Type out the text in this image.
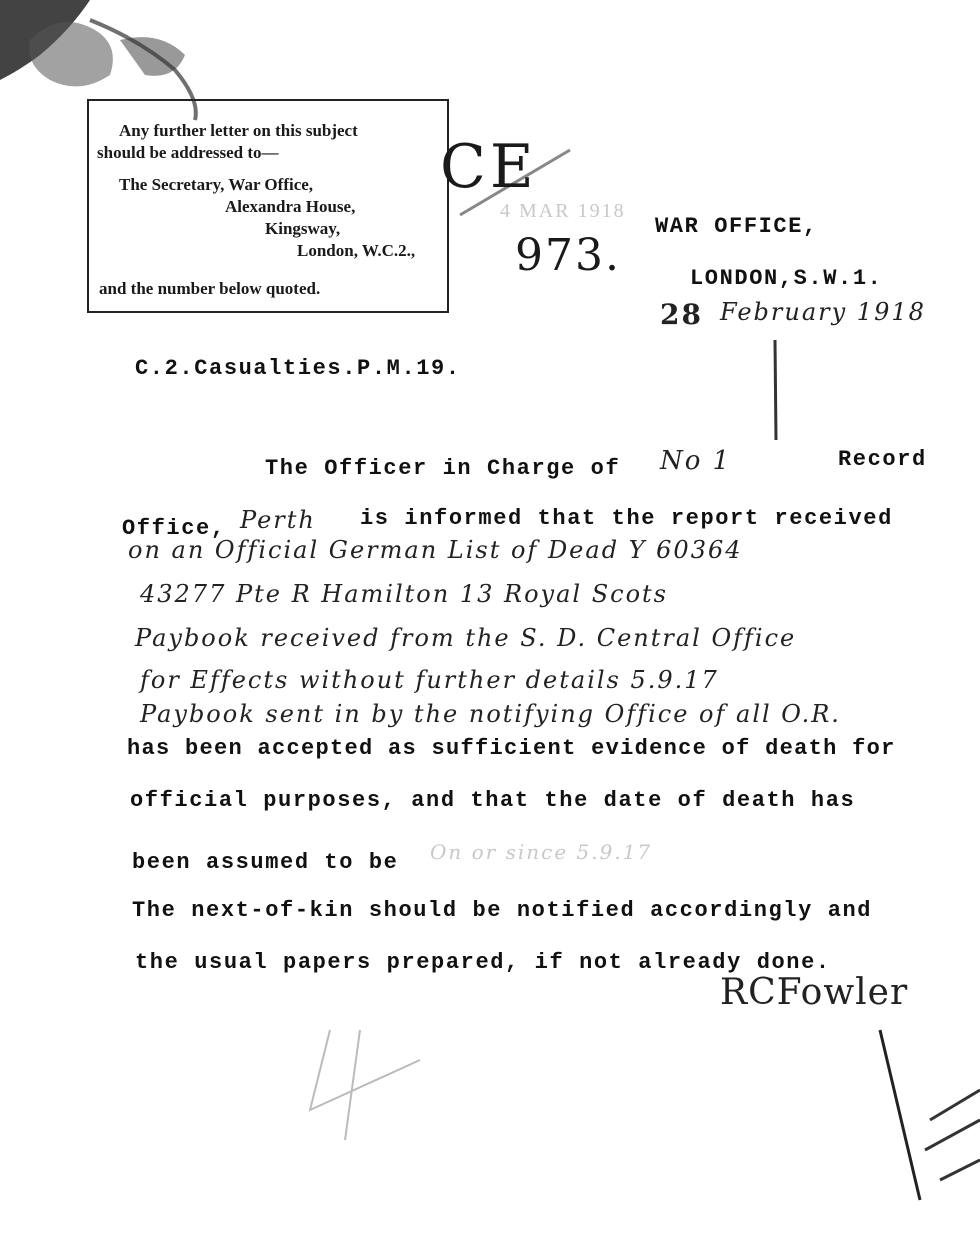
Any further letter on this subject
should be addressed to—
The Secretary, War Office,
Alexandra House,
Kingsway,
London, W.C.2.,
and the number below quoted.
CE
973.
4 MAR 1918
WAR OFFICE,
LONDON,S.W.1.
28 February 1918
C.2.Casualties.P.M.19.
The Officer in Charge of No 1	Record
Office, Perth is informed that the report received
on an Official German List of Dead Y 60364
43277 Pte R Hamilton 13 Royal Scots
Paybook received from the S. D. Central Office
for Effects without further details 5.9.17
Paybook sent in by the notifying Office of all O.R.
has been accepted as sufficient evidence of death for
official purposes, and that the date of death has
been assumed to be On or since 5.9.17
The next-of-kin should be notified accordingly and
the usual papers prepared, if not already done.
RCFowler
